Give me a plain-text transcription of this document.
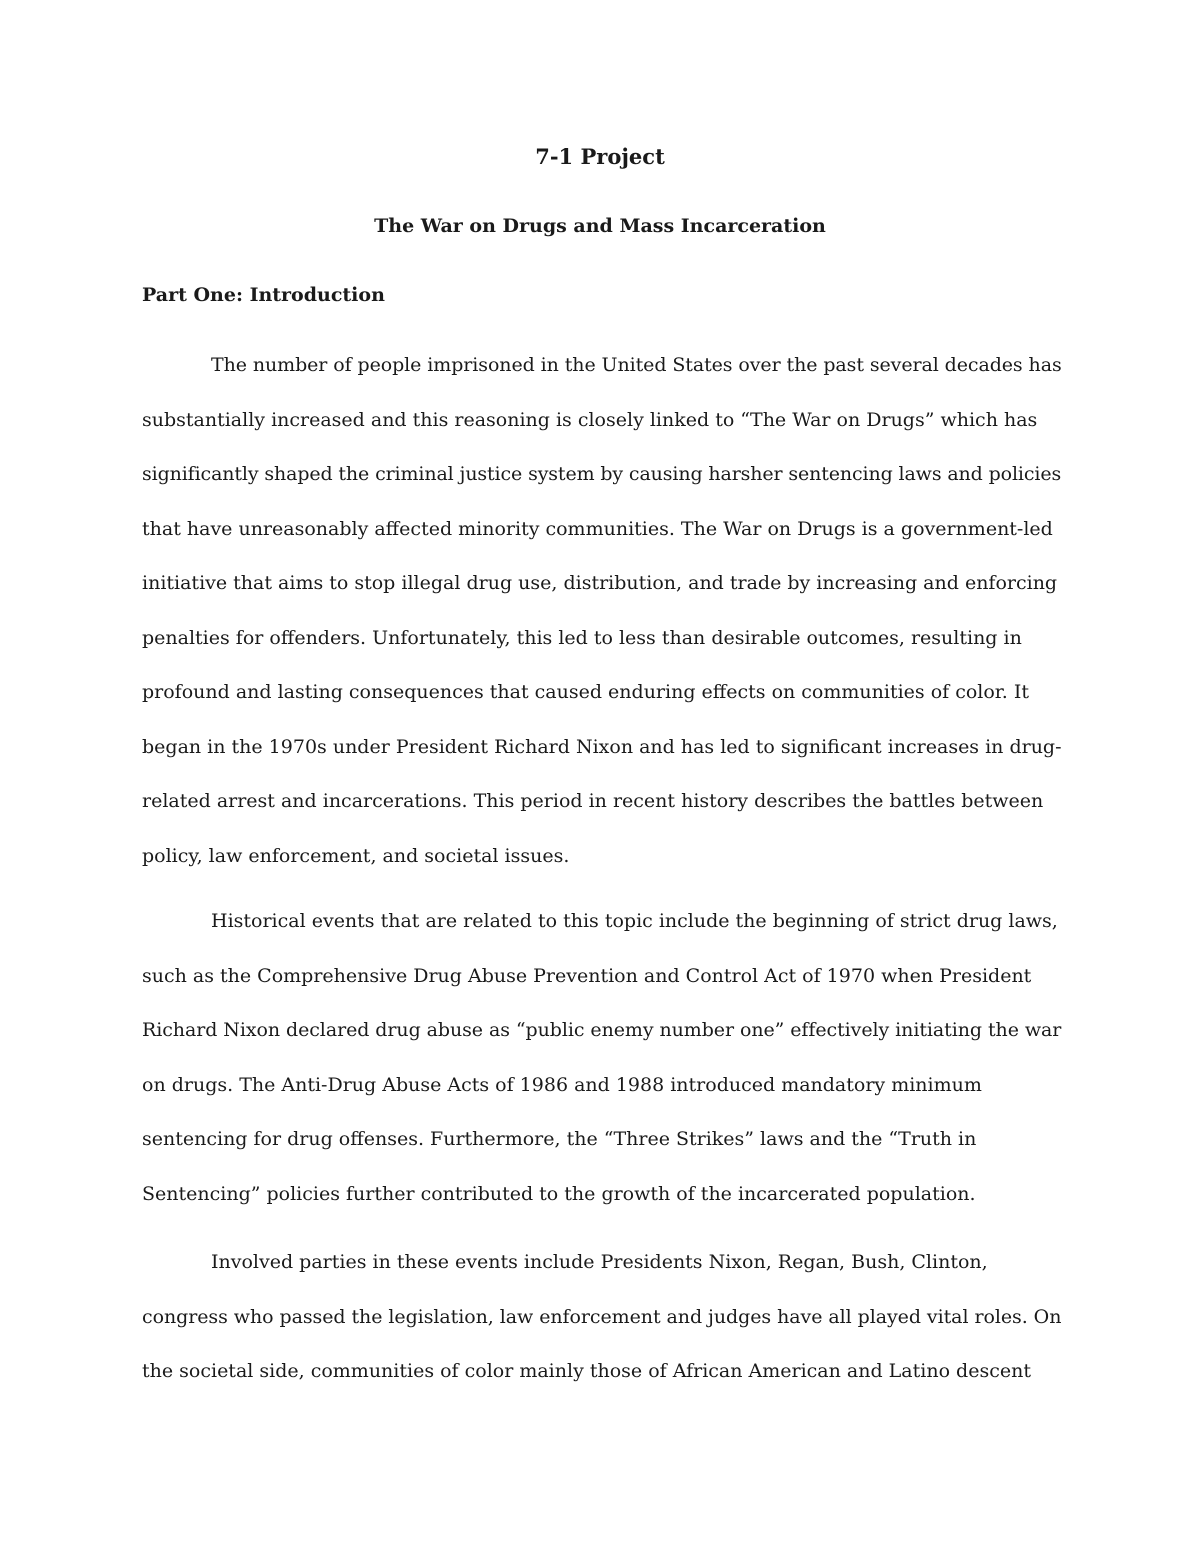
7-1 Project
The War on Drugs and Mass Incarceration
Part One: Introduction

The number of people imprisoned in the United States over the past several decades has
substantially increased and this reasoning is closely linked to “The War on Drugs” which has
significantly shaped the criminal justice system by causing harsher sentencing laws and policies
that have unreasonably affected minority communities. The War on Drugs is a government-led
initiative that aims to stop illegal drug use, distribution, and trade by increasing and enforcing
penalties for offenders. Unfortunately, this led to less than desirable outcomes, resulting in
profound and lasting consequences that caused enduring effects on communities of color. It
began in the 1970s under President Richard Nixon and has led to significant increases in drug-
related arrest and incarcerations. This period in recent history describes the battles between
policy, law enforcement, and societal issues.

Historical events that are related to this topic include the beginning of strict drug laws,
such as the Comprehensive Drug Abuse Prevention and Control Act of 1970 when President
Richard Nixon declared drug abuse as “public enemy number one” effectively initiating the war
on drugs. The Anti-Drug Abuse Acts of 1986 and 1988 introduced mandatory minimum
sentencing for drug offenses. Furthermore, the “Three Strikes” laws and the “Truth in
Sentencing” policies further contributed to the growth of the incarcerated population.

Involved parties in these events include Presidents Nixon, Regan, Bush, Clinton,
congress who passed the legislation, law enforcement and judges have all played vital roles. On
the societal side, communities of color mainly those of African American and Latino descent
